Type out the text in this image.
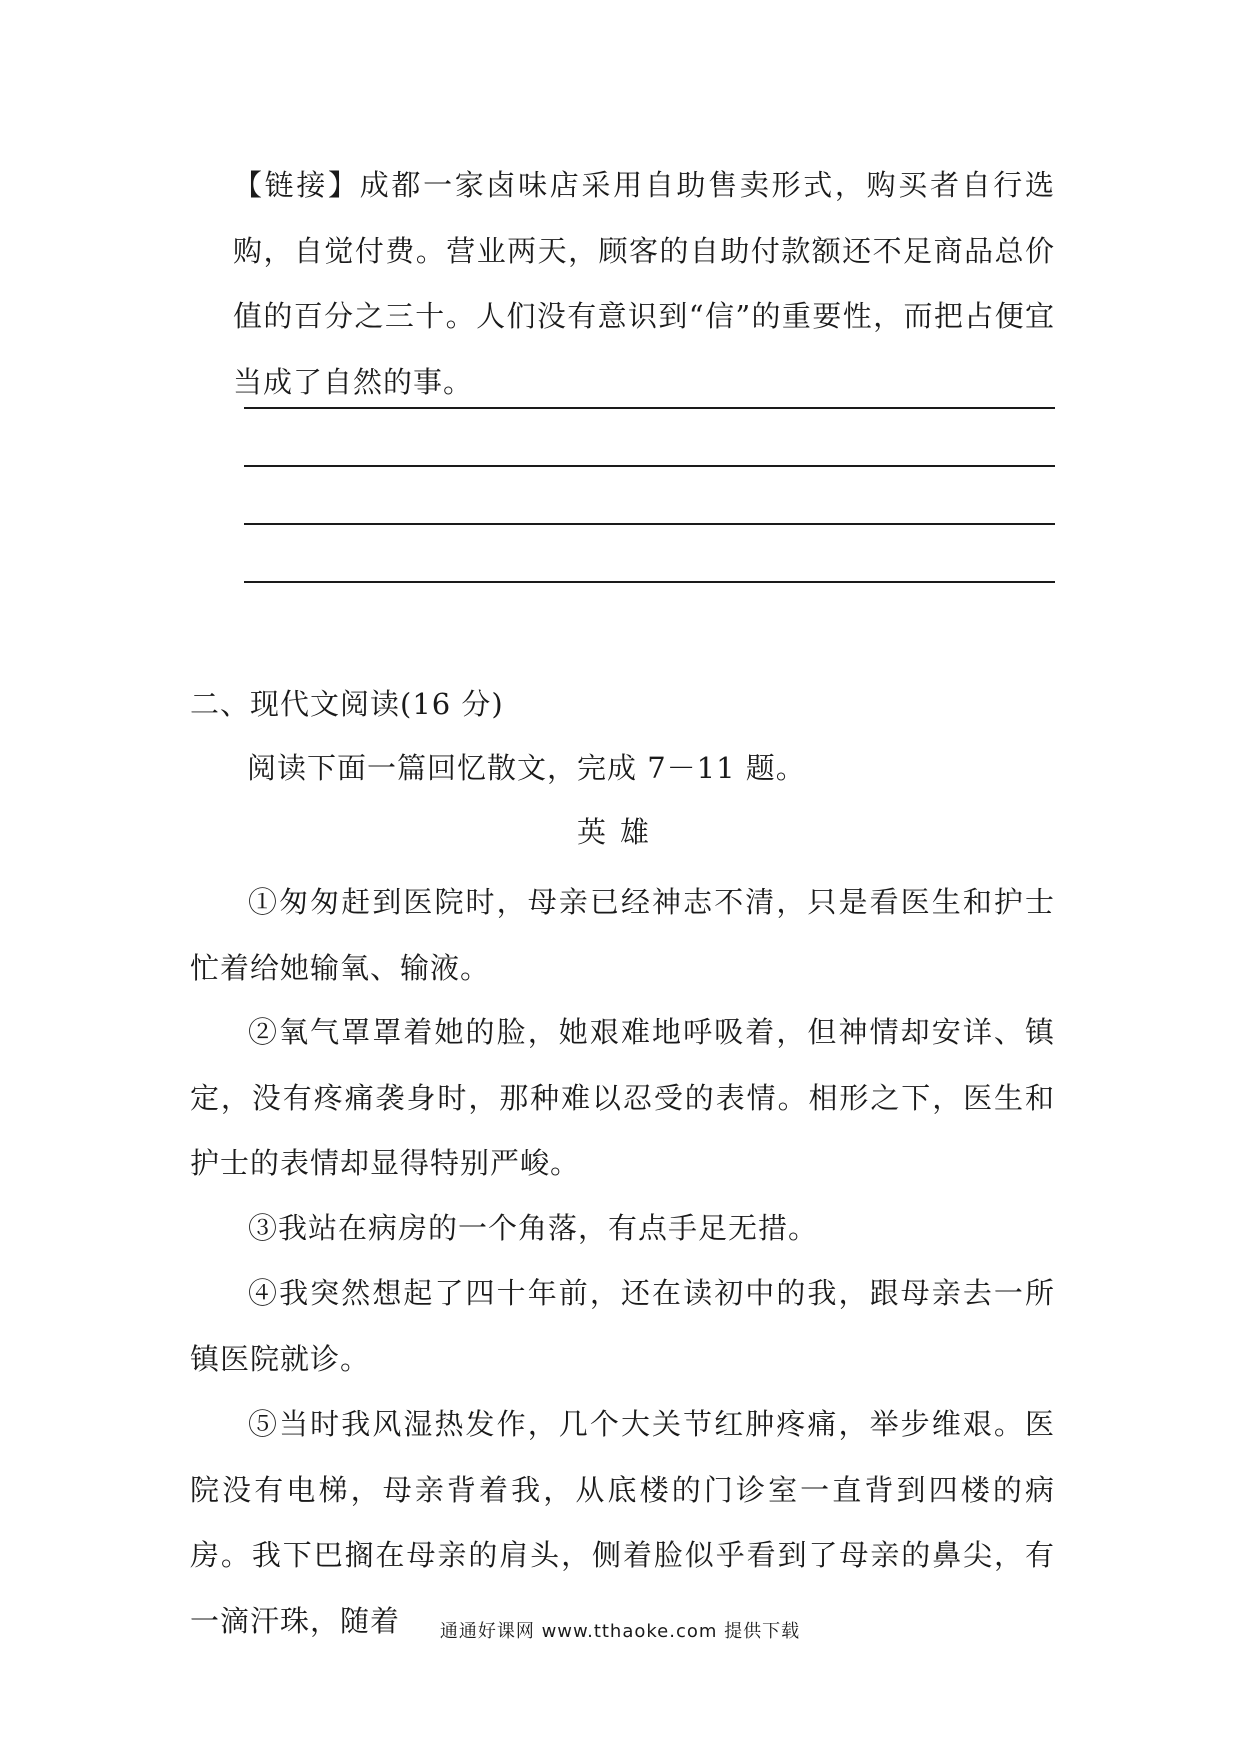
【链接】成都一家卤味店采用自助售卖形式，购买者自行选购，自觉付费。营业两天，顾客的自助付款额还不足商品总价值的百分之三十。人们没有意识到“信”的重要性，而把占便宜当成了自然的事。

二、现代文阅读(16 分)

阅读下面一篇回忆散文，完成 7－11 题。

英雄

①匆匆赶到医院时，母亲已经神志不清，只是看医生和护士忙着给她输氧、输液。

②氧气罩罩着她的脸，她艰难地呼吸着，但神情却安详、镇定，没有疼痛袭身时，那种难以忍受的表情。相形之下，医生和护士的表情却显得特别严峻。

③我站在病房的一个角落，有点手足无措。

④我突然想起了四十年前，还在读初中的我，跟母亲去一所镇医院就诊。

⑤当时我风湿热发作，几个大关节红肿疼痛，举步维艰。医院没有电梯，母亲背着我，从底楼的门诊室一直背到四楼的病房。我下巴搁在母亲的肩头，侧着脸似乎看到了母亲的鼻尖，有一滴汗珠，随着	通通好课网 www.tthaoke.com 提供下载
